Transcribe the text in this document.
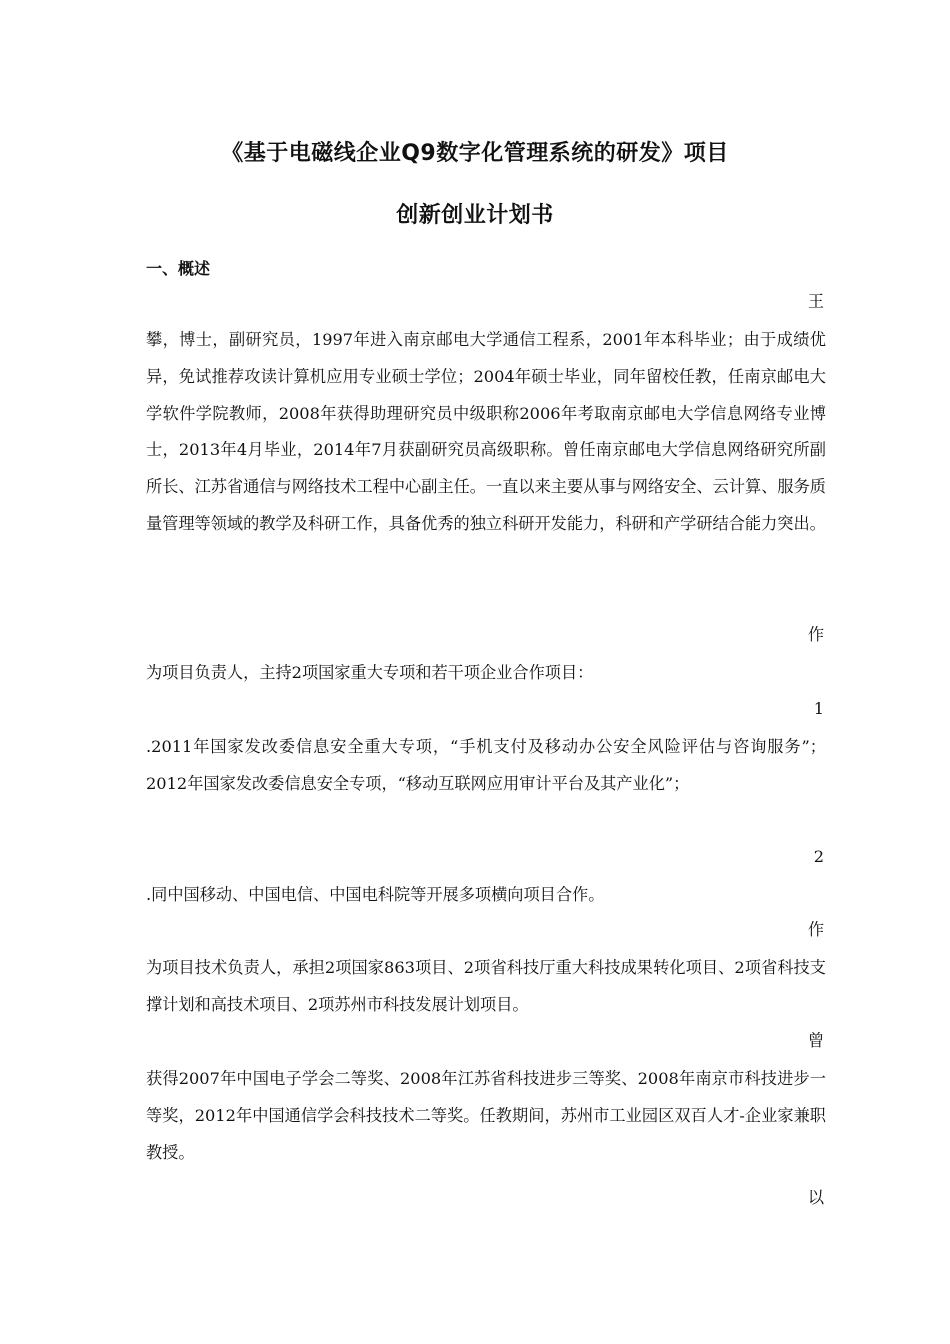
《基于电磁线企业Q9数字化管理系统的研发》项目
创新创业计划书
一、概述
王

攀，博士，副研究员，1997年进入南京邮电大学通信工程系，2001年本科毕业；由于成绩优异，免试推荐攻读计算机应用专业硕士学位；2004年硕士毕业，同年留校任教，任南京邮电大学软件学院教师，2008年获得助理研究员中级职称2006年考取南京邮电大学信息网络专业博士，2013年4月毕业，2014年7月获副研究员高级职称。曾任南京邮电大学信息网络研究所副所长、江苏省通信与网络技术工程中心副主任。一直以来主要从事与网络安全、云计算、服务质量管理等领域的教学及科研工作，具备优秀的独立科研开发能力，科研和产学研结合能力突出。

作

为项目负责人，主持2项国家重大专项和若干项企业合作项目：

1

.2011年国家发改委信息安全重大专项，“手机支付及移动办公安全风险评估与咨询服务”；2012年国家发改委信息安全专项，“移动互联网应用审计平台及其产业化”；

2

.同中国移动、中国电信、中国电科院等开展多项横向项目合作。

作

为项目技术负责人，承担2项国家863项目、2项省科技厅重大科技成果转化项目、2项省科技支撑计划和高技术项目、2项苏州市科技发展计划项目。

曾

获得2007年中国电子学会二等奖、2008年江苏省科技进步三等奖、2008年南京市科技进步一等奖，2012年中国通信学会科技技术二等奖。任教期间，苏州市工业园区双百人才-企业家兼职教授。

以
